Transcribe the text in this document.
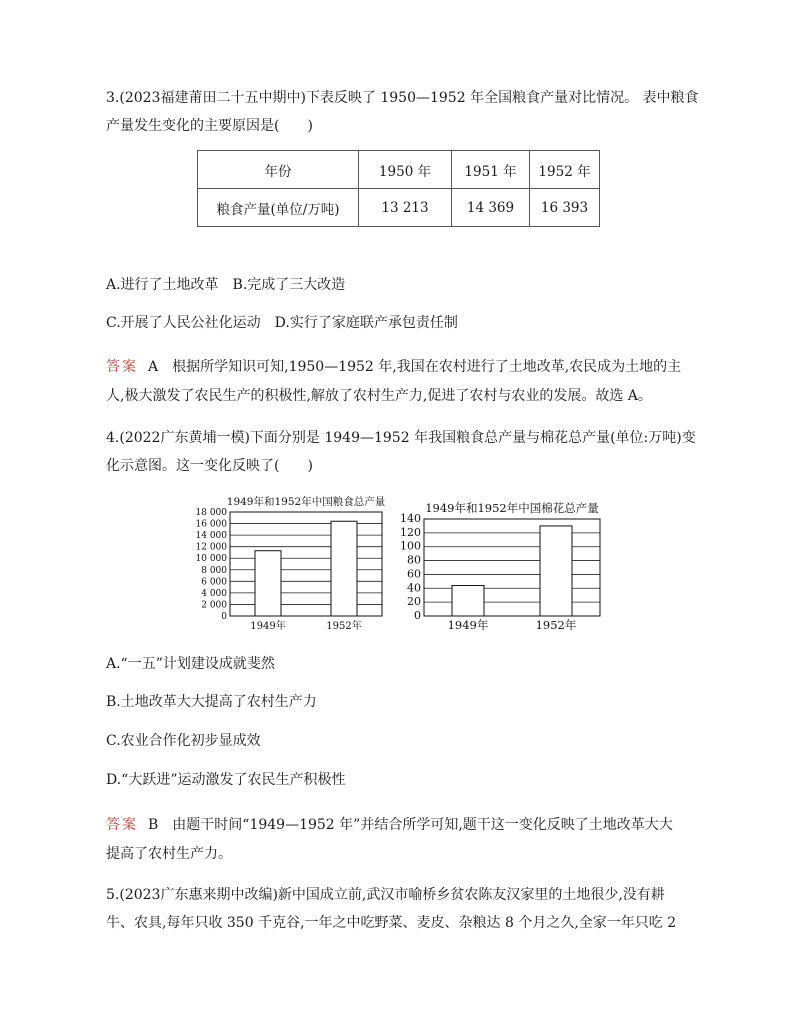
3.(2023福建莆田二十五中期中)下表反映了 1950—1952 年全国粮食产量对比情况。 表中粮食
产量发生变化的主要原因是(　　)
年份	1950 年	1951 年	1952 年
粮食产量(单位/万吨)	13 213	14 369	16 393
A.进行了土地改革　B.完成了三大改造
C.开展了人民公社化运动　D.实行了家庭联产承包责任制
答案 A 根据所学知识可知,1950—1952 年,我国在农村进行了土地改革,农民成为土地的主
人,极大激发了农民生产的积极性,解放了农村生产力,促进了农村与农业的发展。故选 A。
4.(2022广东黄埔一模)下面分别是 1949—1952 年我国粮食总产量与棉花总产量(单位:万吨)变
化示意图。这一变化反映了(　　)
1949年和1952年中国粮食总产量
0
2 000
4 000
6 000
8 000
10 000
12 000
14 000
16 000
18 000
1949年	1952年
1949年和1952年中国棉花总产量
0
20
40
60
80
100
120
140
1949年	1952年
A.“一五”计划建设成就斐然
B.土地改革大大提高了农村生产力
C.农业合作化初步显成效
D.“大跃进”运动激发了农民生产积极性
答案 B 由题干时间“1949—1952 年”并结合所学可知,题干这一变化反映了土地改革大大
提高了农村生产力。
5.(2023广东惠来期中改编)新中国成立前,武汉市喻桥乡贫农陈友汉家里的土地很少,没有耕
牛、农具,每年只收 350 千克谷,一年之中吃野菜、麦皮、杂粮达 8 个月之久,全家一年只吃 2
